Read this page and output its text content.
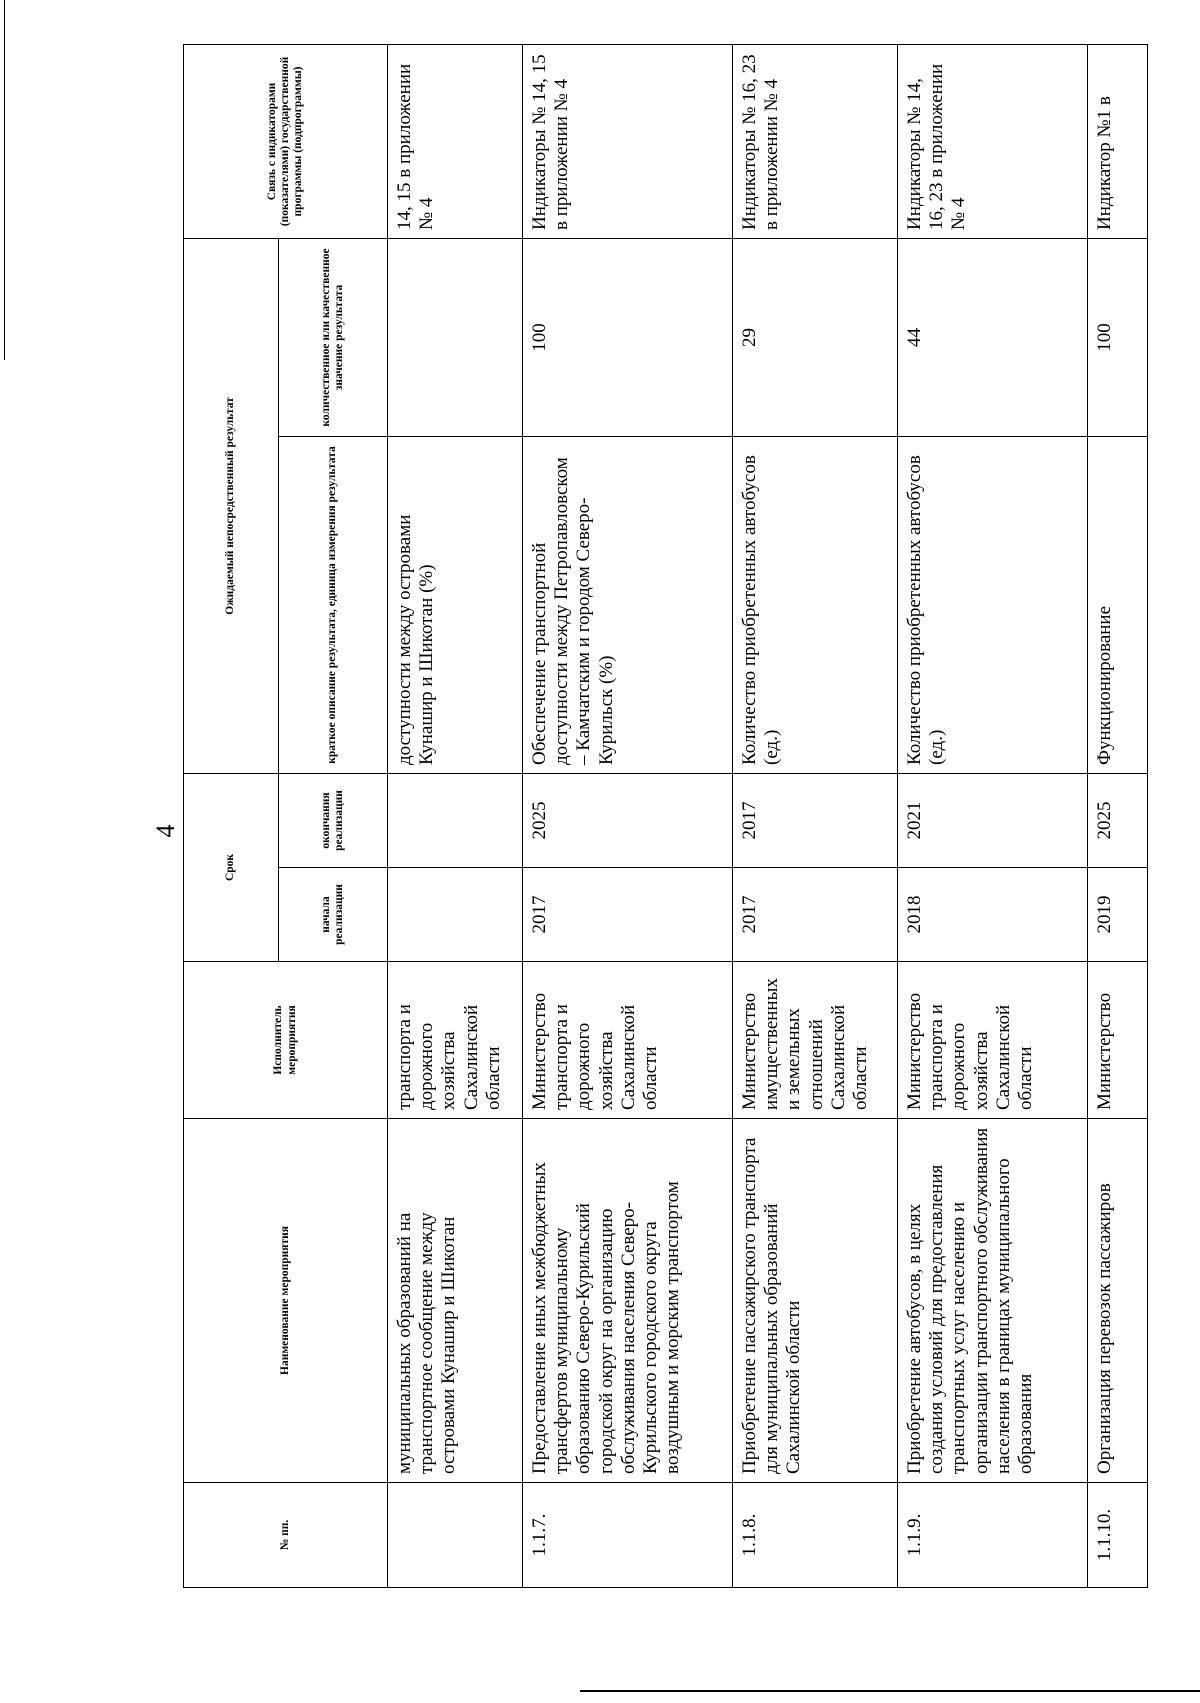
4
№ пп.	Наименование мероприятия	Исполнитель мероприятия	Срок		Ожидаемый непосредственный результат		Связь с индикаторами (показателями) государственной программы (подпрограммы)
			начала реализации	окончания реализации	краткое описание результата, единица измерения результата	количественное или качественное значение результата	
	муниципальных образований на транспортное сообщение между островами Кунашир и Шикотан	транспорта и дорожного хозяйства Сахалинской области			доступности между островами Кунашир и Шикотан (%)		14, 15 в приложении № 4
1.1.7.	Предоставление иных межбюджетных трансфертов муниципальному образованию Северо-Курильский городской округ на организацию обслуживания населения Северо-Курильского городского округа воздушным и морским транспортом	Министерство транспорта и дорожного хозяйства Сахалинской области	2017	2025	Обеспечение транспортной доступности между Петропавловском – Камчатским и городом Северо-Курильск (%)	100	Индикаторы № 14, 15 в приложении № 4
1.1.8.	Приобретение пассажирского транспорта для муниципальных образований Сахалинской области	Министерство имущественных и земельных отношений Сахалинской области	2017	2017	Количество приобретенных автобусов (ед.)	29	Индикаторы № 16, 23 в приложении № 4
1.1.9.	Приобретение автобусов, в целях создания условий для предоставления транспортных услуг населению и организации транспортного обслуживания населения в границах муниципального образования	Министерство транспорта и дорожного хозяйства Сахалинской области	2018	2021	Количество приобретенных автобусов (ед.)	44	Индикаторы № 14, 16, 23 в приложении № 4
1.1.10.	Организация перевозок пассажиров	Министерство	2019	2025	Функционирование	100	Индикатор №1 в
